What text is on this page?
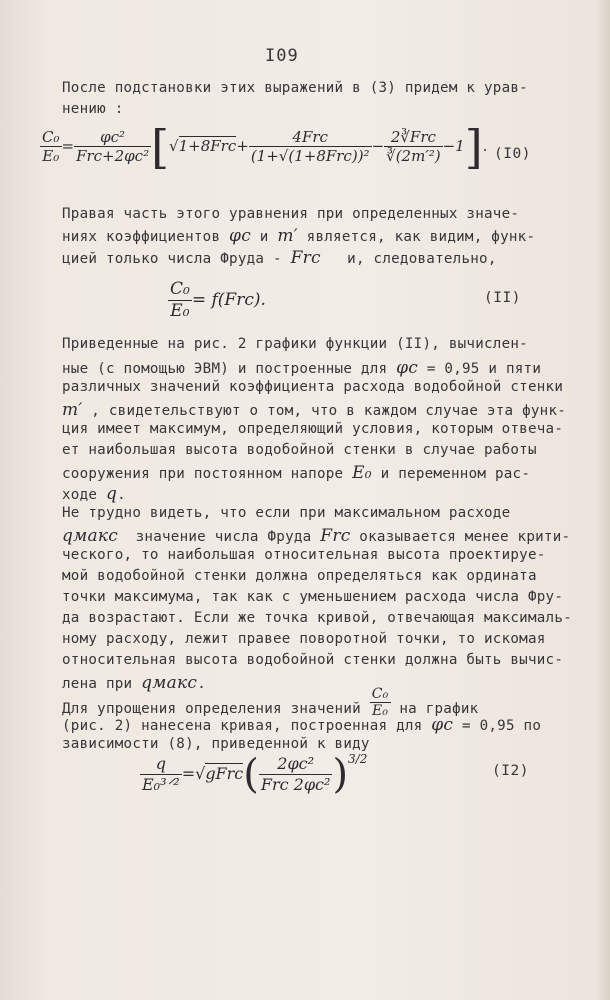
I09
После подстановки этих выражений в (3) придем к урав-
нению :
$\frac{\text{C₀}}{\text{E₀}} = \frac{\text{φc²}}{\text{Frc+2φc²}} [√1+8Frc+ \frac{\text{4Frc}}{\text{(1+√(1+8Frc))²}} - \frac{\text{2∛Frc}}{\text{∛(2m′²)}} -1]$. (I0)
Правая часть этого уравнения при определенных значе-
ниях коэффициентов φc и m′ является, как видим, функ-
цией только числа Фруда - Frc и, следовательно,
$\frac{\text{C₀}}{\text{E₀}} = f(Frc)$.	(II)
Приведенные на рис. 2 графики функции (II), вычислен-
ные (с помощью ЭВМ) и построенные для φc = 0,95 и пяти
различных значений коэффициента расхода водобойной стенки
m′ , свидетельствуют о том, что в каждом случае эта функ-
ция имеет максимум, определяющий условия, которым отвеча-
ет наибольшая высота водобойной стенки в случае работы
сооружения при постоянном напоре E₀ и переменном рас-
ходе q.
Не трудно видеть, что если при максимальном расходе
qмакс значение числа Фруда Frc оказывается менее крити-
ческого, то наибольшая относительная высота проектируе-
мой водобойной стенки должна определяться как ордината
точки максимума, так как с уменьшением расхода числа Фру-
да возрастают. Если же точка кривой, отвечающая максималь-
ному расходу, лежит правее поворотной точки, то искомая
относительная высота водобойной стенки должна быть вычис-
лена при qмакс.
Для упрощения определения значений $\frac{\text{C₀}}{\text{E₀}}$ на график
(рис. 2) нанесена кривая, построенная для φc = 0,95 по
зависимости (8), приведенной к виду
$\frac{q}{\text{E₀³ᐟ²}}$ =√gFrc( $\frac{\text{2φc²}}{\text{Frc 2φc²}} )^{3/2}$
(I2)
